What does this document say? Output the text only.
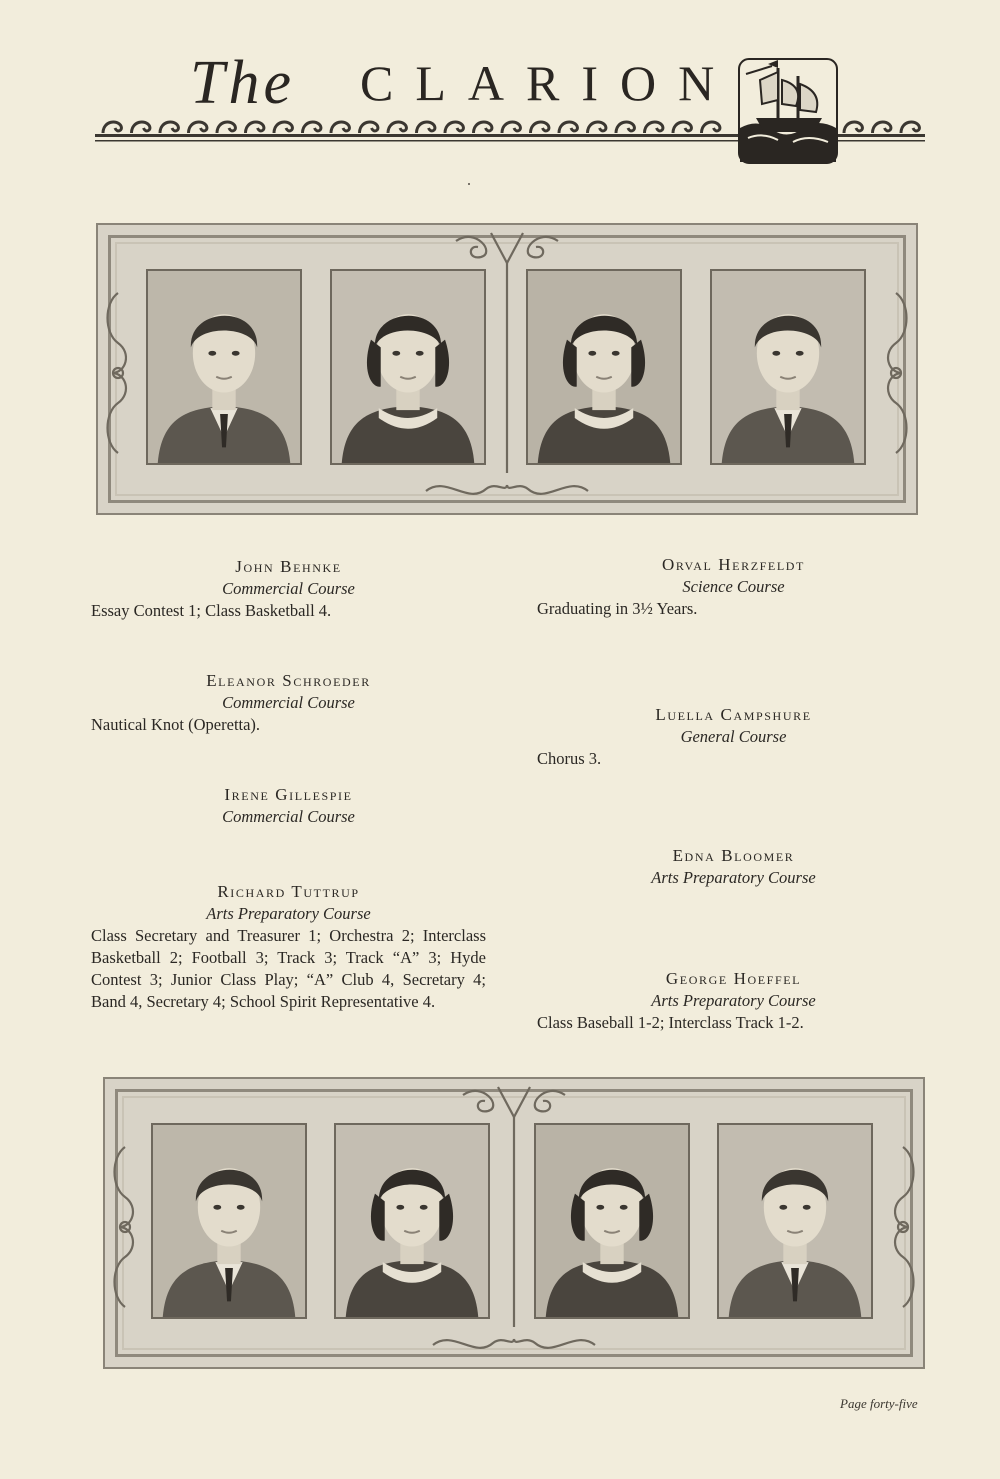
The CLARION
John Behnke
Commercial Course
Essay Contest 1; Class Basketball 4.
Eleanor Schroeder
Commercial Course
Nautical Knot (Operetta).
Irene Gillespie
Commercial Course
Richard Tuttrup
Arts Preparatory Course
Class Secretary and Treasurer 1; Orchestra 2; Interclass Basketball 2; Football 3; Track 3; Track “A” 3; Hyde Contest 3; Junior Class Play; “A” Club 4, Secretary 4; Band 4, Secretary 4; School Spirit Representative 4.
Orval Herzfeldt
Science Course
Graduating in 3½ Years.
Luella Campshure
General Course
Chorus 3.
Edna Bloomer
Arts Preparatory Course
George Hoeffel
Arts Preparatory Course
Class Baseball 1-2; Interclass Track 1-2.
Page forty-five
